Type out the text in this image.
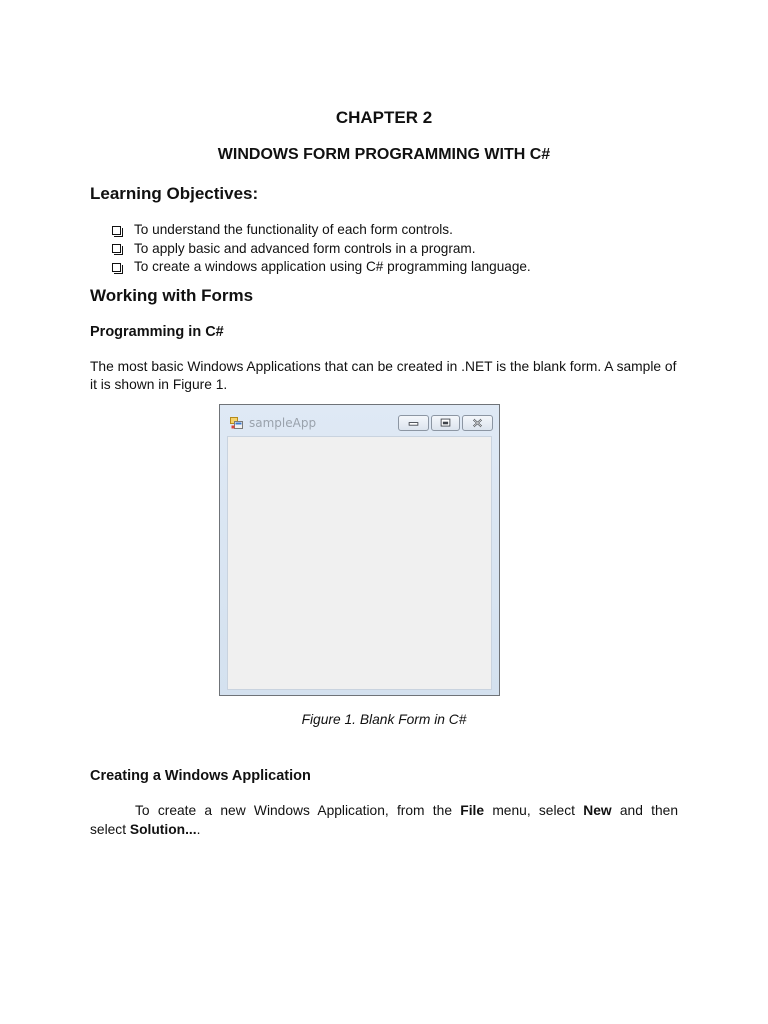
CHAPTER 2
WINDOWS FORM PROGRAMMING WITH C#
Learning Objectives:
To understand the functionality of each form controls.
To apply basic and advanced form controls in a program.
To create a windows application using C# programming language.
Working with Forms
Programming in C#
The most basic Windows Applications that can be created in .NET is the blank form. A sample of it is shown in Figure 1.
sampleApp
Figure 1. Blank Form in C#
Creating a Windows Application
To create a new Windows Application, from the File menu, select New and then
select Solution....
